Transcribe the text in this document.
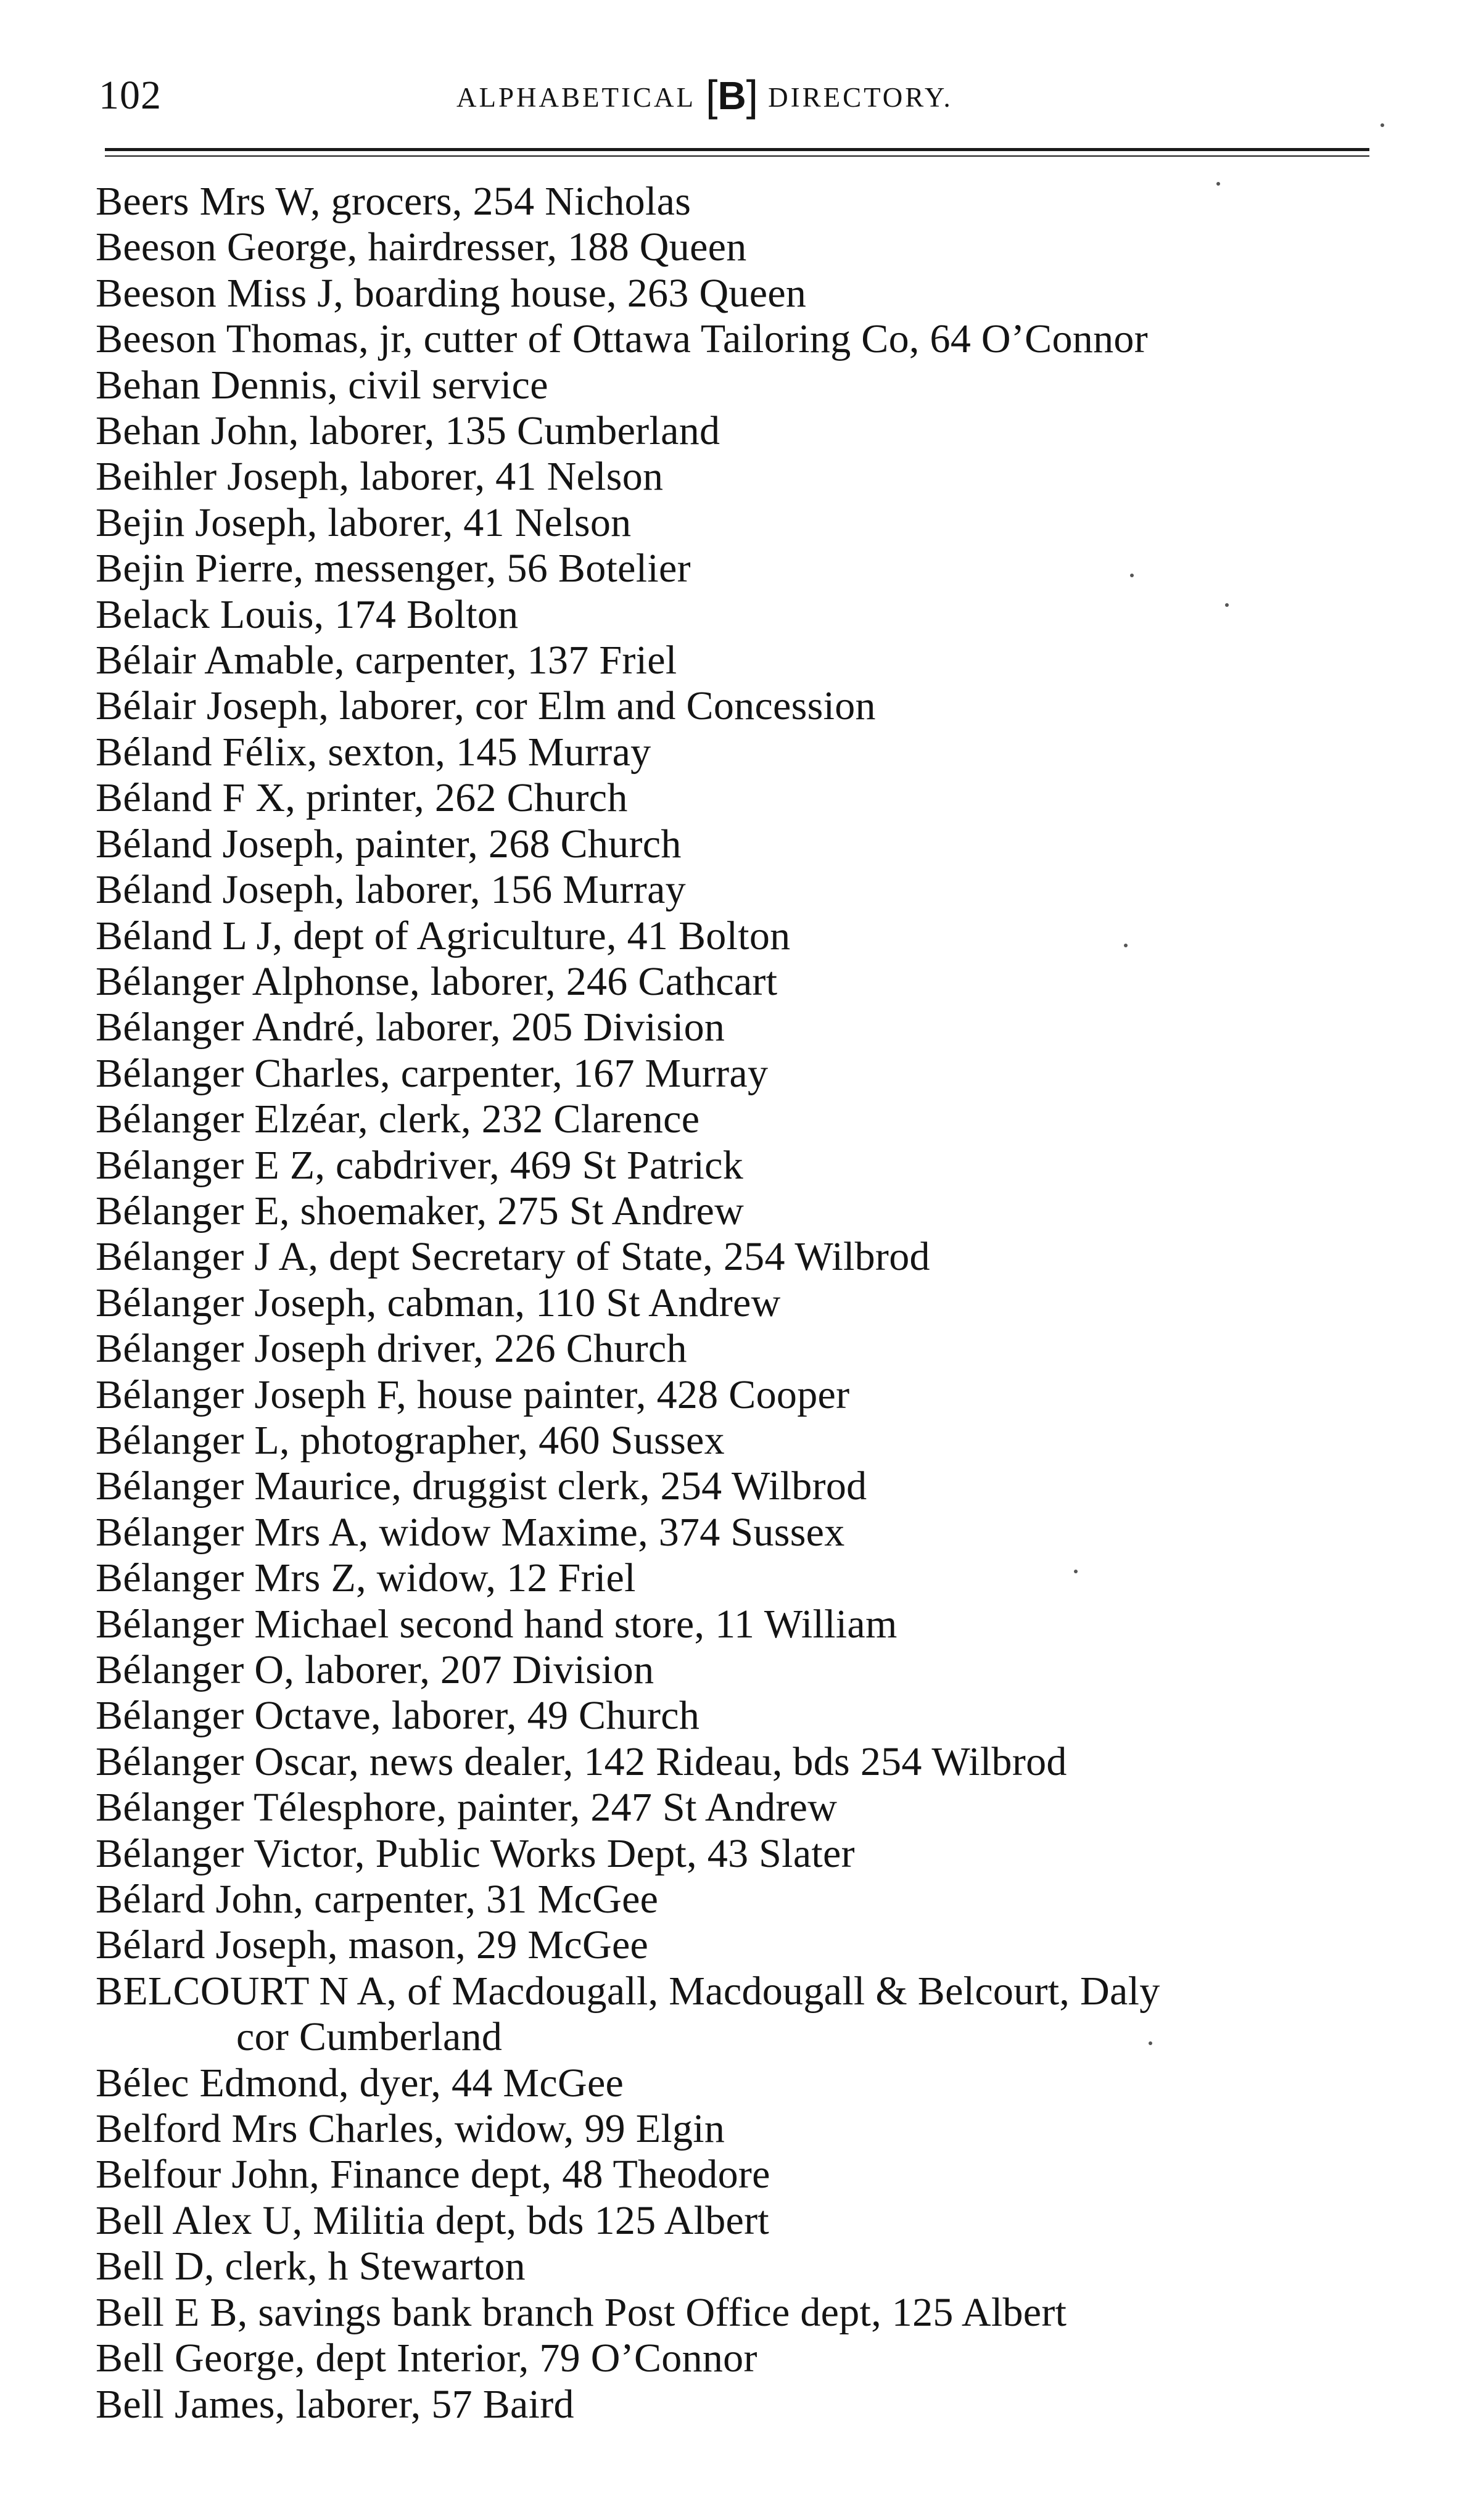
102	ALPHABETICAL [B] DIRECTORY.
Beers Mrs W, grocers, 254 Nicholas
Beeson George, hairdresser, 188 Queen
Beeson Miss J, boarding house, 263 Queen
Beeson Thomas, jr, cutter of Ottawa Tailoring Co, 64 O’Connor
Behan Dennis, civil service
Behan John, laborer, 135 Cumberland
Beihler Joseph, laborer, 41 Nelson
Bejin Joseph, laborer, 41 Nelson
Bejin Pierre, messenger, 56 Botelier
Belack Louis, 174 Bolton
Bélair Amable, carpenter, 137 Friel
Bélair Joseph, laborer, cor Elm and Concession
Béland Félix, sexton, 145 Murray
Béland F X, printer, 262 Church
Béland Joseph, painter, 268 Church
Béland Joseph, laborer, 156 Murray
Béland L J, dept of Agriculture, 41 Bolton
Bélanger Alphonse, laborer, 246 Cathcart
Bélanger André, laborer, 205 Division
Bélanger Charles, carpenter, 167 Murray
Bélanger Elzéar, clerk, 232 Clarence
Bélanger E Z, cabdriver, 469 St Patrick
Bélanger E, shoemaker, 275 St Andrew
Bélanger J A, dept Secretary of State, 254 Wilbrod
Bélanger Joseph, cabman, 110 St Andrew
Bélanger Joseph driver, 226 Church
Bélanger Joseph F, house painter, 428 Cooper
Bélanger L, photographer, 460 Sussex
Bélanger Maurice, druggist clerk, 254 Wilbrod
Bélanger Mrs A, widow Maxime, 374 Sussex
Bélanger Mrs Z, widow, 12 Friel
Bélanger Michael second hand store, 11 William
Bélanger O, laborer, 207 Division
Bélanger Octave, laborer, 49 Church
Bélanger Oscar, news dealer, 142 Rideau, bds 254 Wilbrod
Bélanger Télesphore, painter, 247 St Andrew
Bélanger Victor, Public Works Dept, 43 Slater
Bélard John, carpenter, 31 McGee
Bélard Joseph, mason, 29 McGee
BELCOURT N A, of Macdougall, Macdougall & Belcourt, Daly
cor Cumberland
Bélec Edmond, dyer, 44 McGee
Belford Mrs Charles, widow, 99 Elgin
Belfour John, Finance dept, 48 Theodore
Bell Alex U, Militia dept, bds 125 Albert
Bell D, clerk, h Stewarton
Bell E B, savings bank branch Post Office dept, 125 Albert
Bell George, dept Interior, 79 O’Connor
Bell James, laborer, 57 Baird
